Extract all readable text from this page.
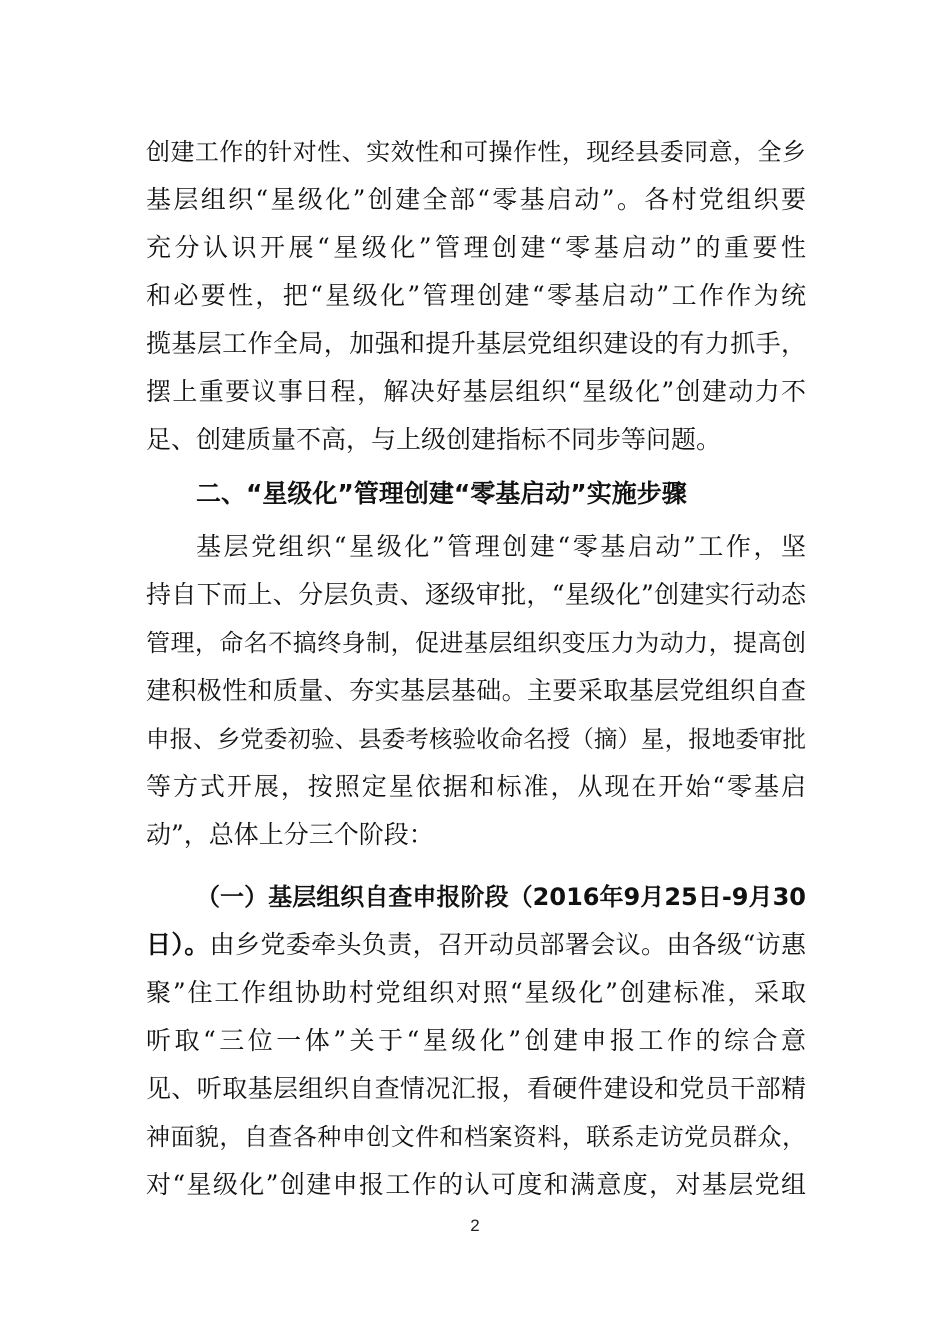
创建工作的针对性、实效性和可操作性，现经县委同意，全乡
基层组织“星级化”创建全部“零基启动”。各村党组织要
充分认识开展“星级化”管理创建“零基启动”的重要性
和必要性，把“星级化”管理创建“零基启动”工作作为统
揽基层工作全局，加强和提升基层党组织建设的有力抓手，
摆上重要议事日程，解决好基层组织“星级化”创建动力不
足、创建质量不高，与上级创建指标不同步等问题。
二、“星级化”管理创建“零基启动”实施步骤
基层党组织“星级化”管理创建“零基启动”工作，坚
持自下而上、分层负责、逐级审批，“星级化”创建实行动态
管理，命名不搞终身制，促进基层组织变压力为动力，提高创
建积极性和质量、夯实基层基础。主要采取基层党组织自查
申报、乡党委初验、县委考核验收命名授（摘）星，报地委审批
等方式开展，按照定星依据和标准，从现在开始“零基启
动”，总体上分三个阶段：
（一）基层组织自查申报阶段（2016年9月25日-9月30
日）。由乡党委牵头负责，召开动员部署会议。由各级“访惠
聚”住工作组协助村党组织对照“星级化”创建标准，采取
听取“三位一体”关于“星级化”创建申报工作的综合意
见、听取基层组织自查情况汇报，看硬件建设和党员干部精
神面貌，自查各种申创文件和档案资料，联系走访党员群众，
对“星级化”创建申报工作的认可度和满意度，对基层党组
2
